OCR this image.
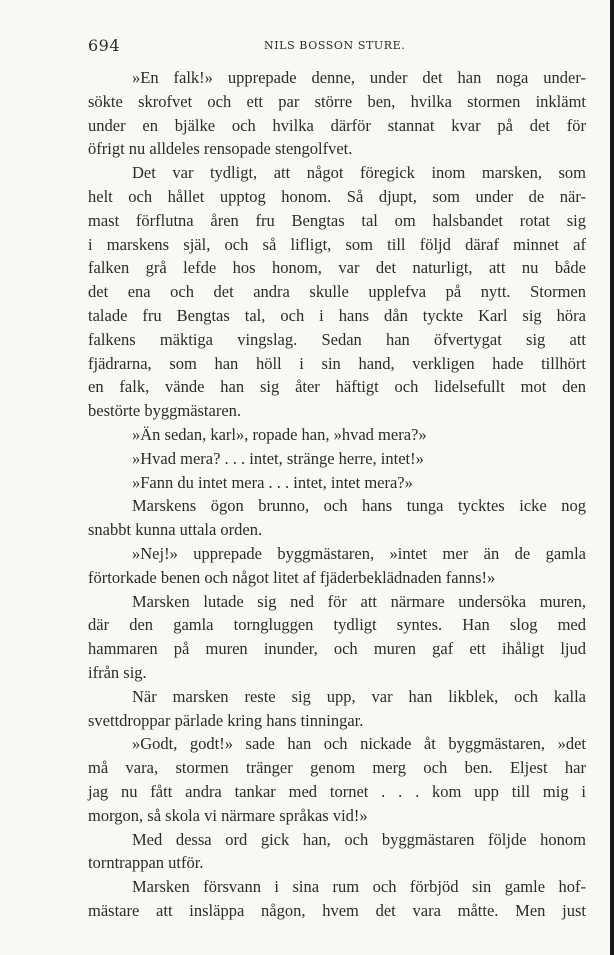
694	NILS BOSSON STURE.
»En falk!» upprepade denne, under det han noga under-
sökte skrofvet och ett par större ben, hvilka stormen inklämt
under en bjälke och hvilka därför stannat kvar på det för
öfrigt nu alldeles rensopade stengolfvet.
Det var tydligt, att något föregick inom marsken, som
helt och hållet upptog honom. Så djupt, som under de när-
mast förflutna åren fru Bengtas tal om halsbandet rotat sig
i marskens själ, och så lifligt, som till följd däraf minnet af
falken grå lefde hos honom, var det naturligt, att nu både
det ena och det andra skulle upplefva på nytt. Stormen
talade fru Bengtas tal, och i hans dån tyckte Karl sig höra
falkens mäktiga vingslag. Sedan han öfvertygat sig att
fjädrarna, som han höll i sin hand, verkligen hade tillhört
en falk, vände han sig åter häftigt och lidelsefullt mot den
bestörte byggmästaren.
»Än sedan, karl», ropade han, »hvad mera?»
»Hvad mera? . . . intet, stränge herre, intet!»
»Fann du intet mera . . . intet, intet mera?»
Marskens ögon brunno, och hans tunga tycktes icke nog
snabbt kunna uttala orden.
»Nej!» upprepade byggmästaren, »intet mer än de gamla
förtorkade benen och något litet af fjäderbeklädnaden fanns!»
Marsken lutade sig ned för att närmare undersöka muren,
där den gamla torngluggen tydligt syntes. Han slog med
hammaren på muren inunder, och muren gaf ett ihåligt ljud
ifrån sig.
När marsken reste sig upp, var han likblek, och kalla
svettdroppar pärlade kring hans tinningar.
»Godt, godt!» sade han och nickade åt byggmästaren, »det
må vara, stormen tränger genom merg och ben. Eljest har
jag nu fått andra tankar med tornet . . . kom upp till mig i
morgon, så skola vi närmare språkas vid!»
Med dessa ord gick han, och byggmästaren följde honom
torntrappan utför.
Marsken försvann i sina rum och förbjöd sin gamle hof-
mästare att insläppa någon, hvem det vara måtte. Men just
